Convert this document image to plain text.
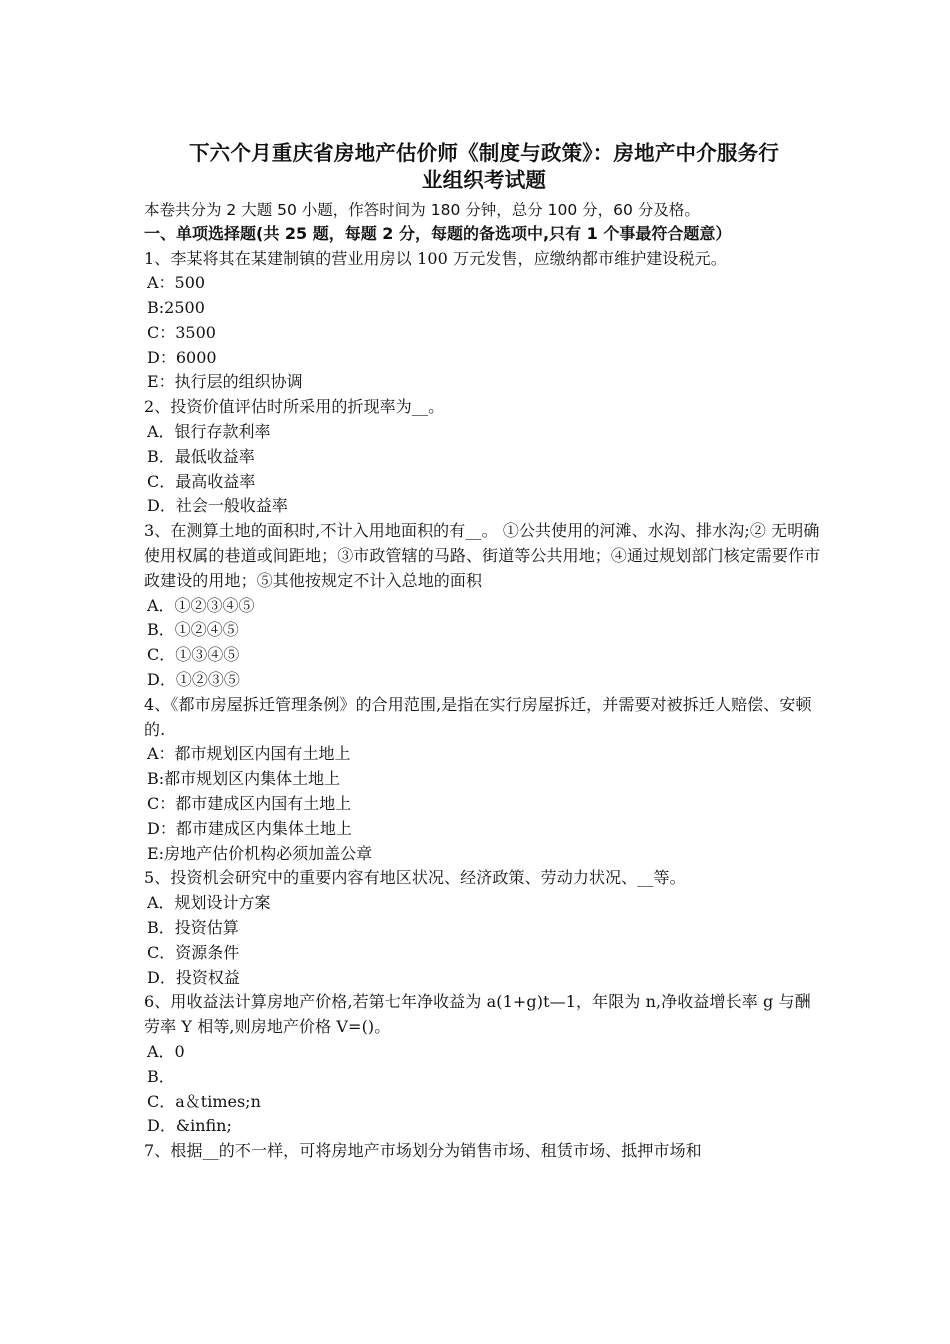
下六个月重庆省房地产估价师《制度与政策》：房地产中介服务行
业组织考试题
本卷共分为 2 大题 50 小题，作答时间为 180 分钟，总分 100 分，60 分及格。
一、单项选择题(共 25 题，每题 2 分，每题的备选项中,只有 1 个事最符合题意）
1、李某将其在某建制镇的营业用房以 100 万元发售，应缴纳都市维护建设税元。
A：500
B:2500
C：3500
D：6000
E：执行层的组织协调
2、投资价值评估时所采用的折现率为__。
A．银行存款利率
B．最低收益率
C．最高收益率
D．社会一般收益率
3、在测算土地的面积时,不计入用地面积的有__。 ①公共使用的河滩、水沟、排水沟;② 无明确使用权属的巷道或间距地；③市政管辖的马路、街道等公共用地；④通过规划部门核定需要作市政建设的用地；⑤其他按规定不计入总地的面积
A．①②③④⑤
B．①②④⑤
C．①③④⑤
D．①②③⑤
4、《都市房屋拆迁管理条例》的合用范围,是指在实行房屋拆迁，并需要对被拆迁人赔偿、安顿的.
A：都市规划区内国有土地上
B:都市规划区内集体土地上
C：都市建成区内国有土地上
D：都市建成区内集体土地上
E:房地产估价机构必须加盖公章
5、投资机会研究中的重要内容有地区状况、经济政策、劳动力状况、__等。
A．规划设计方案
B．投资估算
C．资源条件
D．投资权益
6、用收益法计算房地产价格,若第七年净收益为 a(1+g)t—1，年限为 n,净收益增长率 g 与酬劳率 Y 相等,则房地产价格 V=()。
A．0
B．
C．a＆times;n
D．&infin;
7、根据__的不一样，可将房地产市场划分为销售市场、租赁市场、抵押市场和
